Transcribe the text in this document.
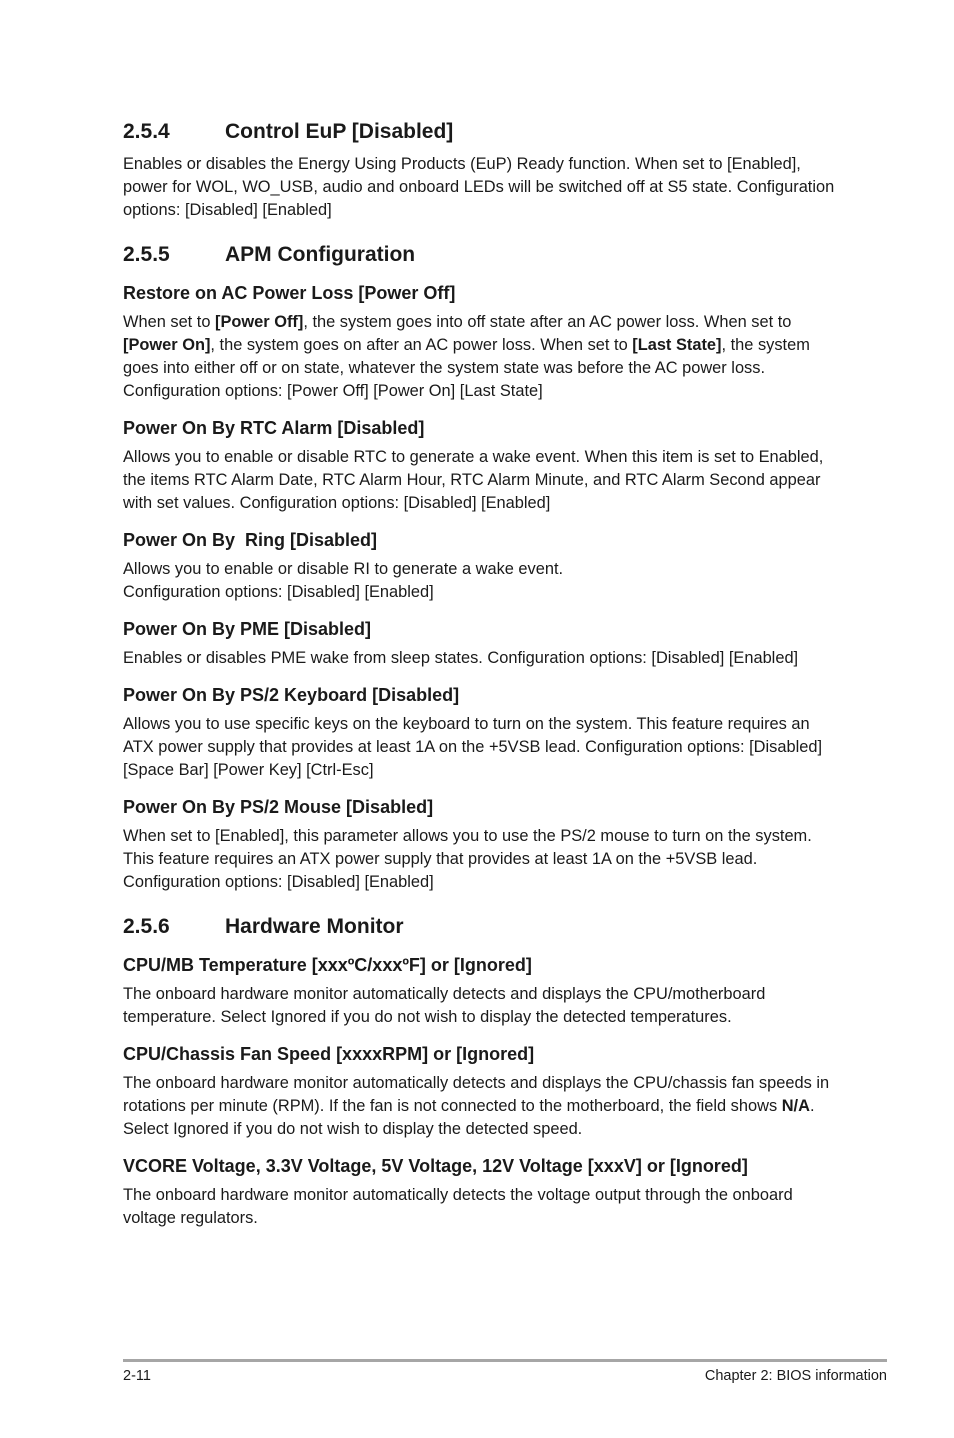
2.5.4	Control EuP [Disabled]

Enables or disables the Energy Using Products (EuP) Ready function. When set to [Enabled], power for WOL, WO_USB, audio and onboard LEDs will be switched off at S5 state. Configuration options: [Disabled] [Enabled]

2.5.5	APM Configuration
Restore on AC Power Loss [Power Off]

When set to [Power Off], the system goes into off state after an AC power loss. When set to [Power On], the system goes on after an AC power loss. When set to [Last State], the system goes into either off or on state, whatever the system state was before the AC power loss. Configuration options: [Power Off] [Power On] [Last State]

Power On By RTC Alarm [Disabled]

Allows you to enable or disable RTC to generate a wake event. When this item is set to Enabled, the items RTC Alarm Date, RTC Alarm Hour, RTC Alarm Minute, and RTC Alarm Second appear with set values. Configuration options: [Disabled] [Enabled]

Power On By  Ring [Disabled]

Allows you to enable or disable RI to generate a wake event.
Configuration options: [Disabled] [Enabled]

Power On By PME [Disabled]

Enables or disables PME wake from sleep states. Configuration options: [Disabled] [Enabled]

Power On By PS/2 Keyboard [Disabled]

Allows you to use specific keys on the keyboard to turn on the system. This feature requires an ATX power supply that provides at least 1A on the +5VSB lead. Configuration options: [Disabled] [Space Bar] [Power Key] [Ctrl-Esc]

Power On By PS/2 Mouse [Disabled]

When set to [Enabled], this parameter allows you to use the PS/2 mouse to turn on the system. This feature requires an ATX power supply that provides at least 1A on the +5VSB lead. Configuration options: [Disabled] [Enabled]

2.5.6	Hardware Monitor
CPU/MB Temperature [xxxºC/xxxºF] or [Ignored]

The onboard hardware monitor automatically detects and displays the CPU/motherboard temperature. Select Ignored if you do not wish to display the detected temperatures.

CPU/Chassis Fan Speed [xxxxRPM] or [Ignored]

The onboard hardware monitor automatically detects and displays the CPU/chassis fan speeds in rotations per minute (RPM). If the fan is not connected to the motherboard, the field shows N/A. Select Ignored if you do not wish to display the detected speed.

VCORE Voltage, 3.3V Voltage, 5V Voltage, 12V Voltage [xxxV] or [Ignored]

The onboard hardware monitor automatically detects the voltage output through the onboard voltage regulators.

2-11	Chapter 2: BIOS information
